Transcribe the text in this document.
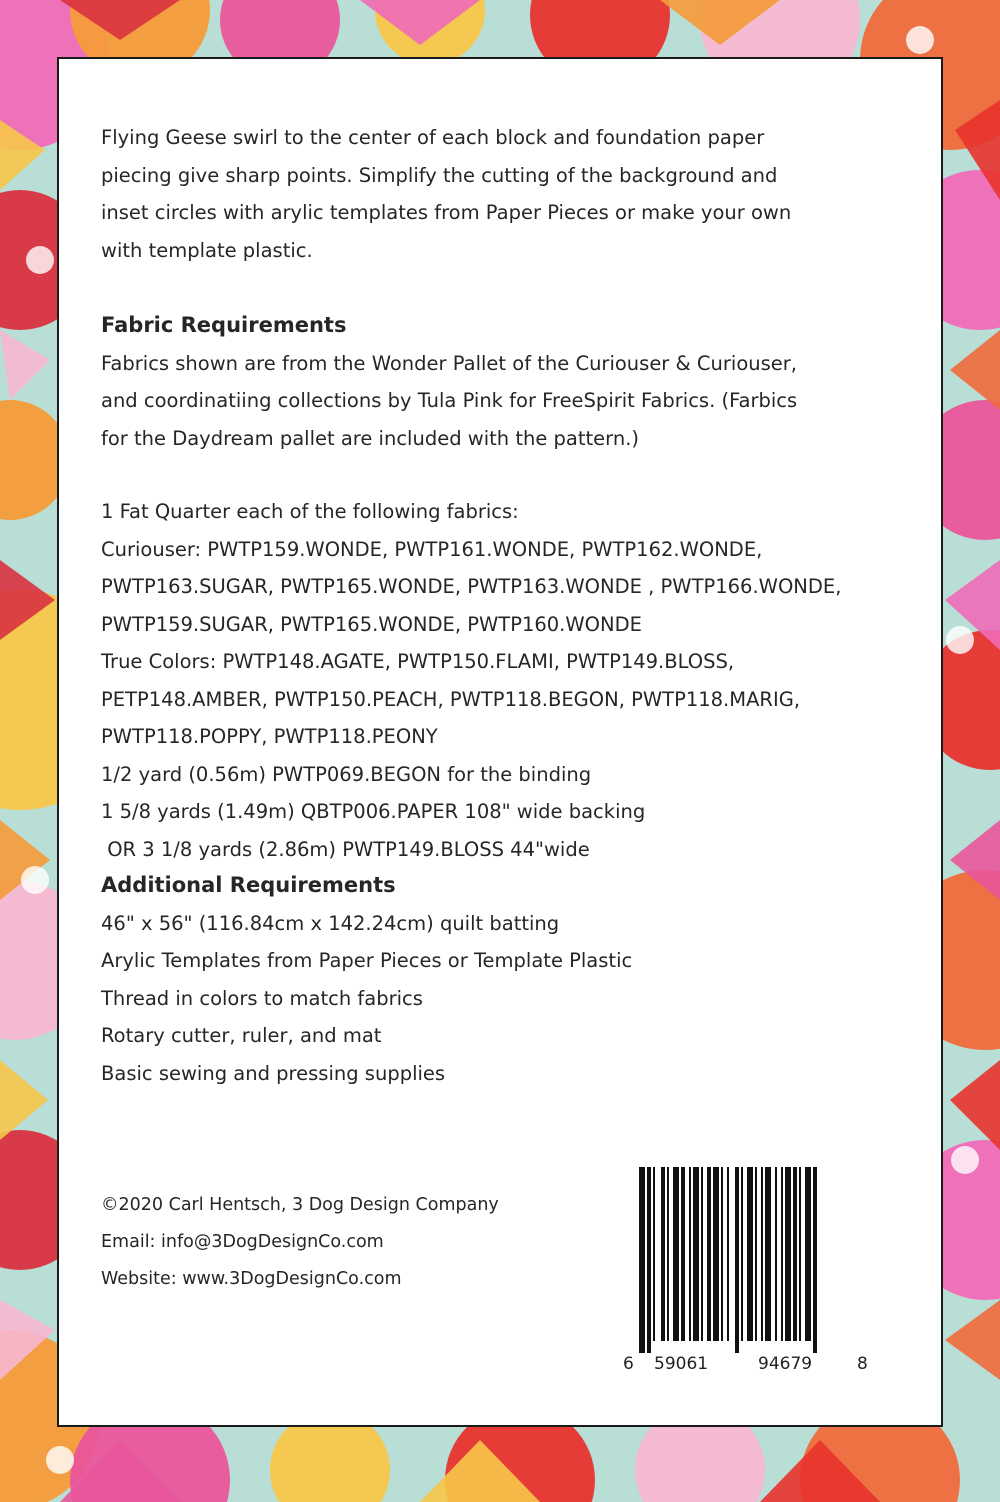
Flying Geese swirl to the center of each block and foundation paper

piecing give sharp points. Simplify the cutting of the background and

inset circles with arylic templates from Paper Pieces or make your own

with template plastic.

Fabric Requirements

Fabrics shown are from the Wonder Pallet of the Curiouser & Curiouser,

and coordinatiing collections by Tula Pink for FreeSpirit Fabrics. (Farbics

for the Daydream pallet are included with the pattern.)

1 Fat Quarter each of the following fabrics:

Curiouser: PWTP159.WONDE, PWTP161.WONDE, PWTP162.WONDE,

PWTP163.SUGAR, PWTP165.WONDE, PWTP163.WONDE , PWTP166.WONDE,

PWTP159.SUGAR, PWTP165.WONDE, PWTP160.WONDE

True Colors: PWTP148.AGATE, PWTP150.FLAMI, PWTP149.BLOSS,

PETP148.AMBER, PWTP150.PEACH, PWTP118.BEGON, PWTP118.MARIG,

PWTP118.POPPY, PWTP118.PEONY

1/2 yard (0.56m) PWTP069.BEGON for the binding

1 5/8 yards (1.49m) QBTP006.PAPER 108" wide backing

OR 3 1/8 yards (2.86m) PWTP149.BLOSS 44"wide

Additional Requirements

46" x 56" (116.84cm x 142.24cm) quilt batting

Arylic Templates from Paper Pieces or Template Plastic

Thread in colors to match fabrics

Rotary cutter, ruler, and mat

Basic sewing and pressing supplies

©2020 Carl Hentsch, 3 Dog Design Company

Email: info@3DogDesignCo.com

Website: www.3DogDesignCo.com

6 59061	94679	8
